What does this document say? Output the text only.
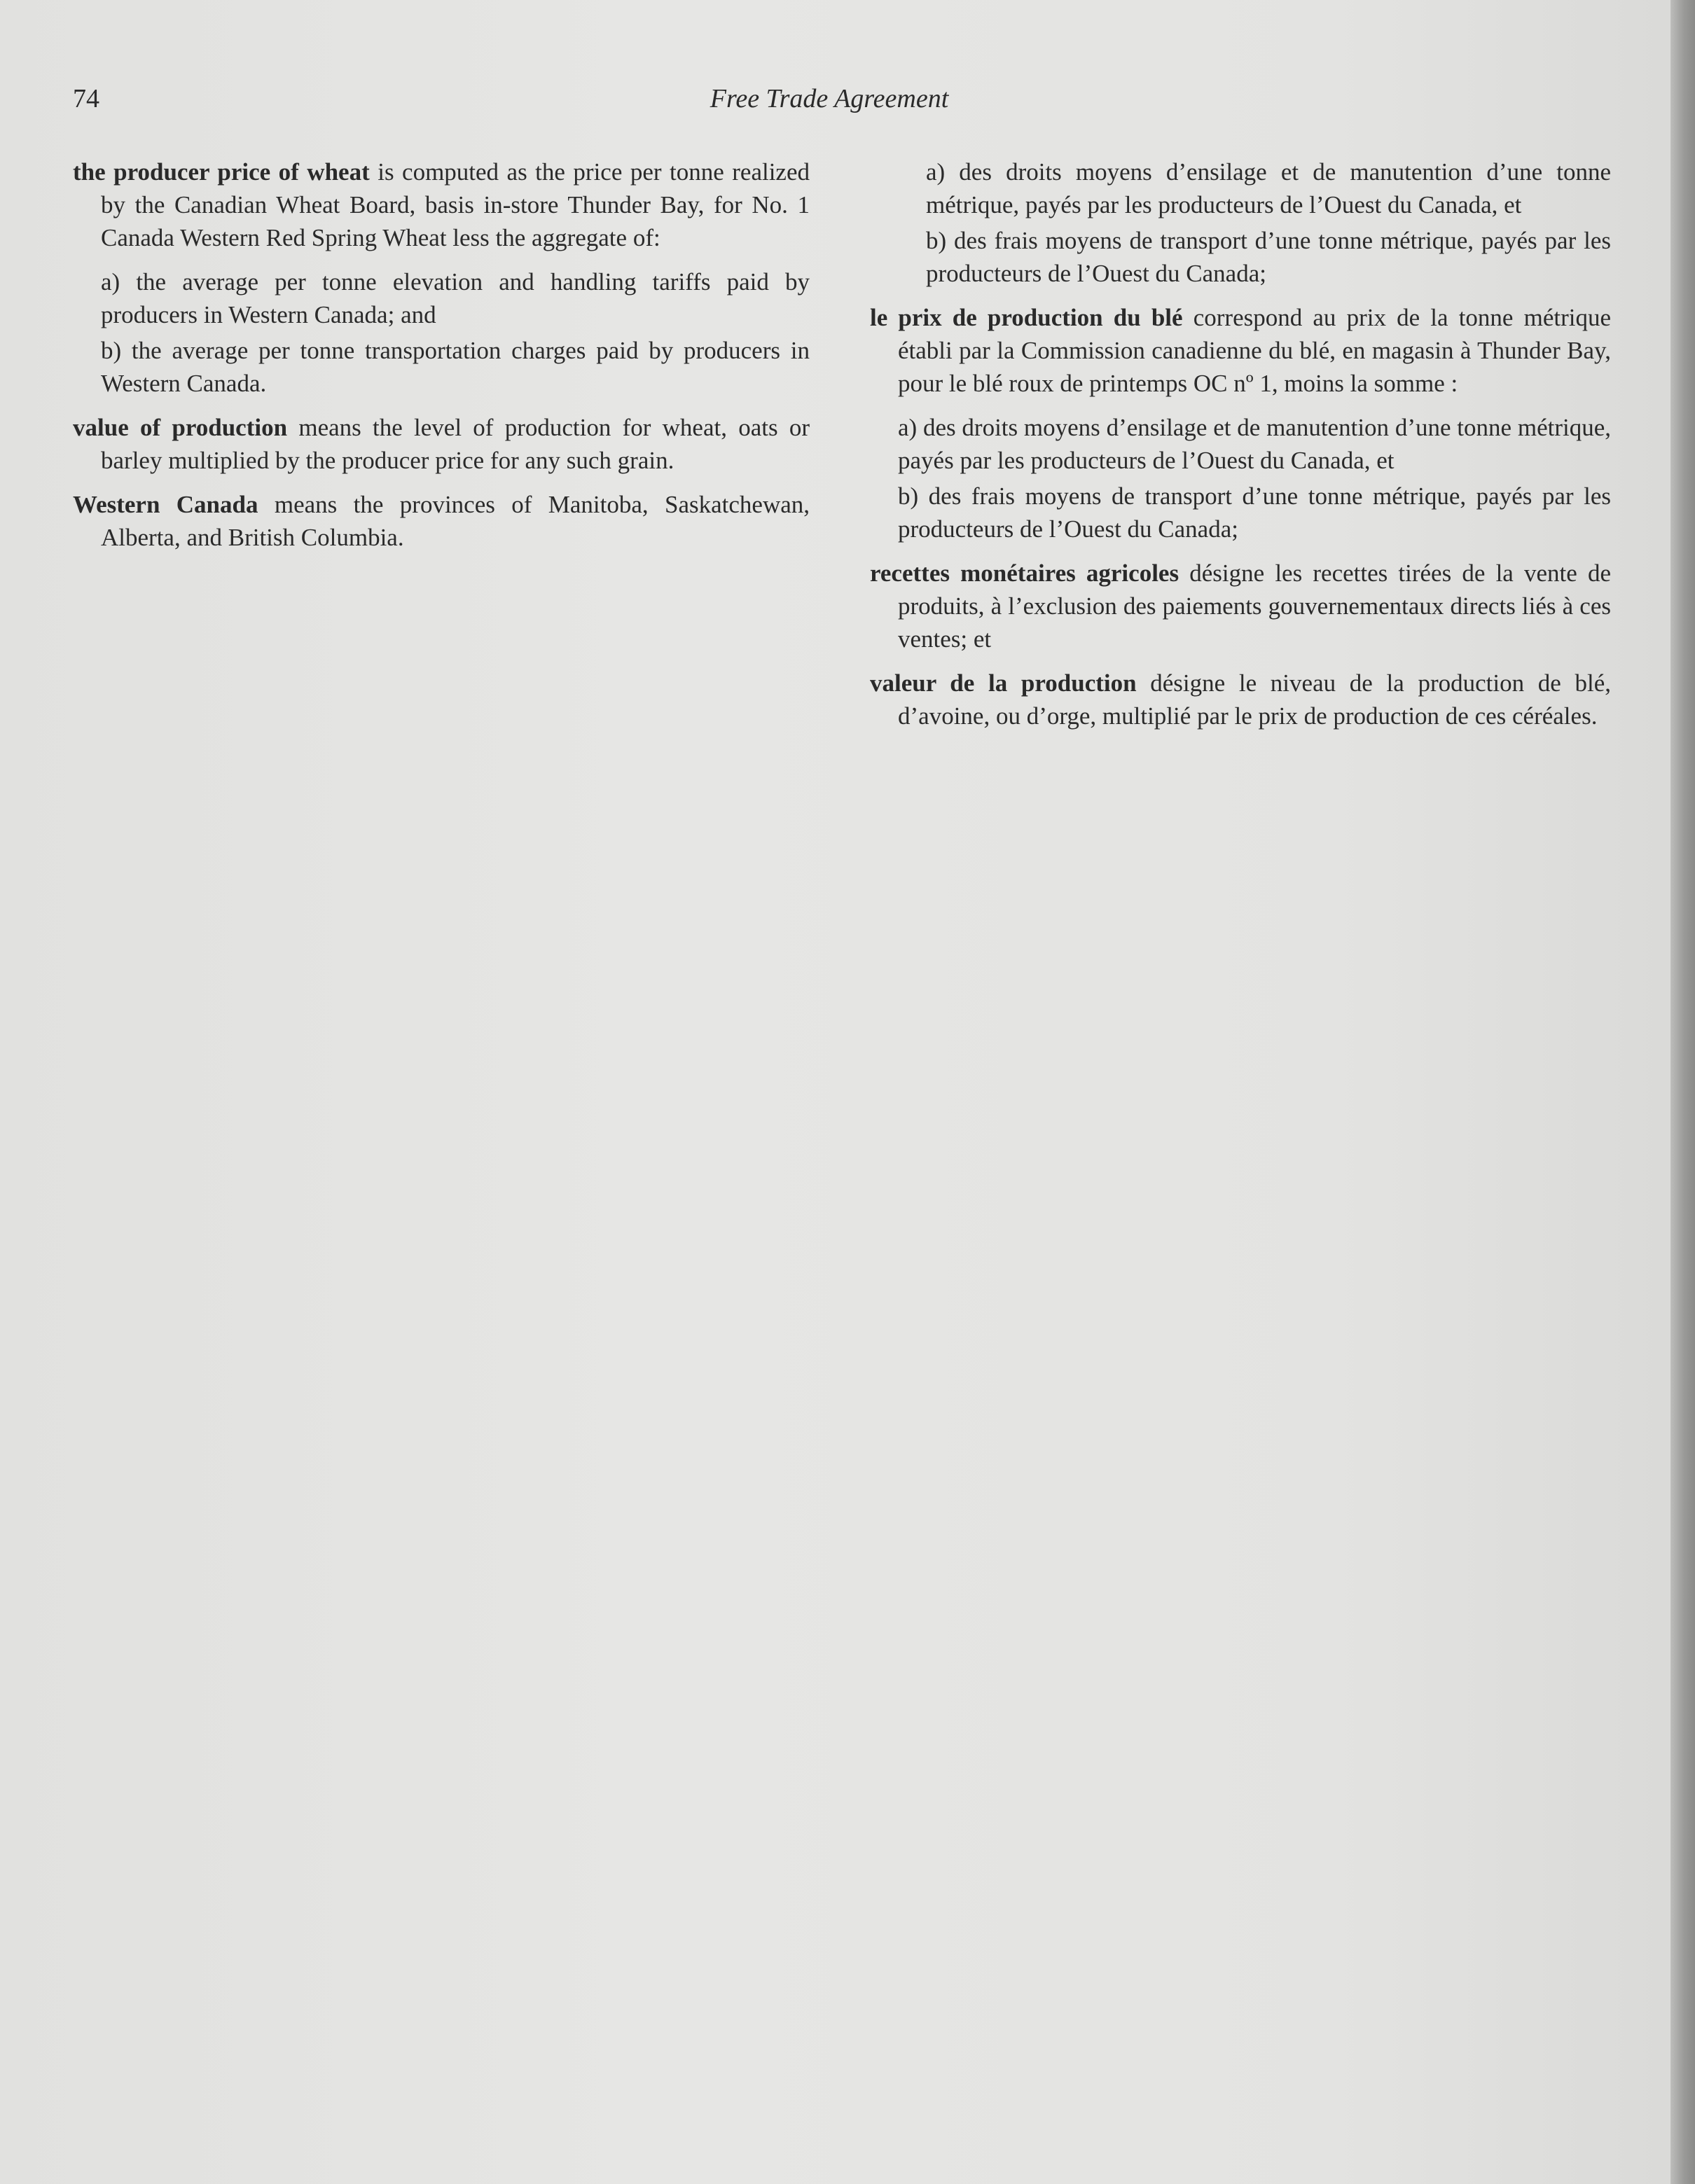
74	Free Trade Agreement

the producer price of wheat is computed as the price per tonne realized by the Canadian Wheat Board, basis in-store Thunder Bay, for No. 1 Canada Western Red Spring Wheat less the aggregate of:

a) the average per tonne elevation and handling tariffs paid by producers in Western Canada; and

b) the average per tonne transportation charges paid by producers in Western Canada.

value of production means the level of production for wheat, oats or barley multiplied by the producer price for any such grain.

Western Canada means the provinces of Manitoba, Saskatchewan, Alberta, and British Columbia.

a) des droits moyens d’ensilage et de manutention d’une tonne métrique, payés par les producteurs de l’Ouest du Canada, et

b) des frais moyens de transport d’une tonne métrique, payés par les producteurs de l’Ouest du Canada;

le prix de production du blé correspond au prix de la tonne métrique établi par la Commission canadienne du blé, en magasin à Thunder Bay, pour le blé roux de printemps OC nº 1, moins la somme :

a) des droits moyens d’ensilage et de manutention d’une tonne métrique, payés par les producteurs de l’Ouest du Canada, et

b) des frais moyens de transport d’une tonne métrique, payés par les producteurs de l’Ouest du Canada;

recettes monétaires agricoles désigne les recettes tirées de la vente de produits, à l’exclusion des paiements gouvernementaux directs liés à ces ventes; et

valeur de la production désigne le niveau de la production de blé, d’avoine, ou d’orge, multiplié par le prix de production de ces céréales.
